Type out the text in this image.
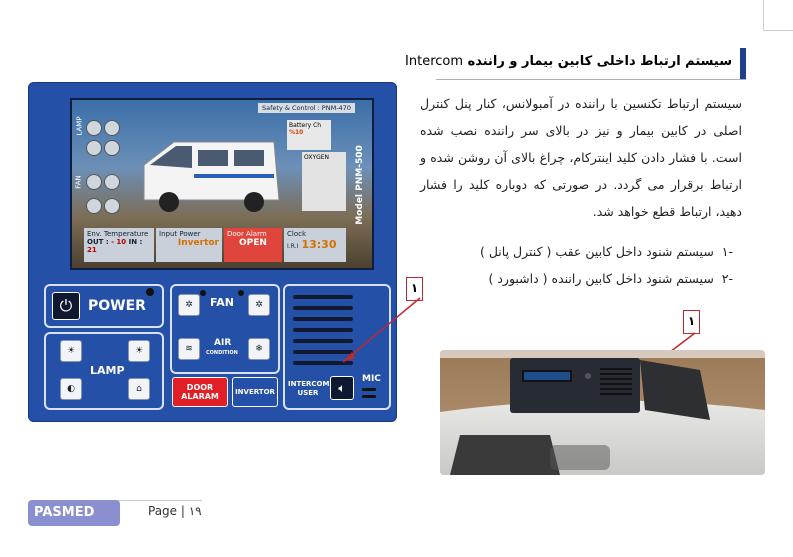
سیستم ارتباط داخلی کابین بیمار و راننده Intercom
سیستم ارتباط تکنسین با راننده در آمبولانس، کنار پنل کنترل اصلی در کابین بیمار و نیز در بالای سر راننده نصب شده است. با فشار دادن کلید اینترکام، چراغ بالای آن روشن شده و ارتباط برقرار می گردد. در صورتی که دوباره کلید را فشار دهید، ارتباط قطع خواهد شد.
-۱  سیستم شنود داخل کابین عقب ( کنترل پانل )
-۲  سیستم شنود داخل کابین راننده ( داشبورد )
PASMED
LAMP
FAN
Safety & Control : PNM-470
Battery Ch
%10
OXYGEN	Model PNM-500
Env. Temperature
OUT : - 10 IN : 21
Input Power
Invertor
Door Alarm
OPEN
Clock
I.R.I 13:30
⏻	POWER	✲	FAN	✲
≋
AIR
CONDITION	❄
☀	☀
LAMP
◐	⌂	DOOR ALARAM	INVERTOR
INTERCOM USER	🔈︎
MIC
۱
۱
PASMED	Page | ۱۹
